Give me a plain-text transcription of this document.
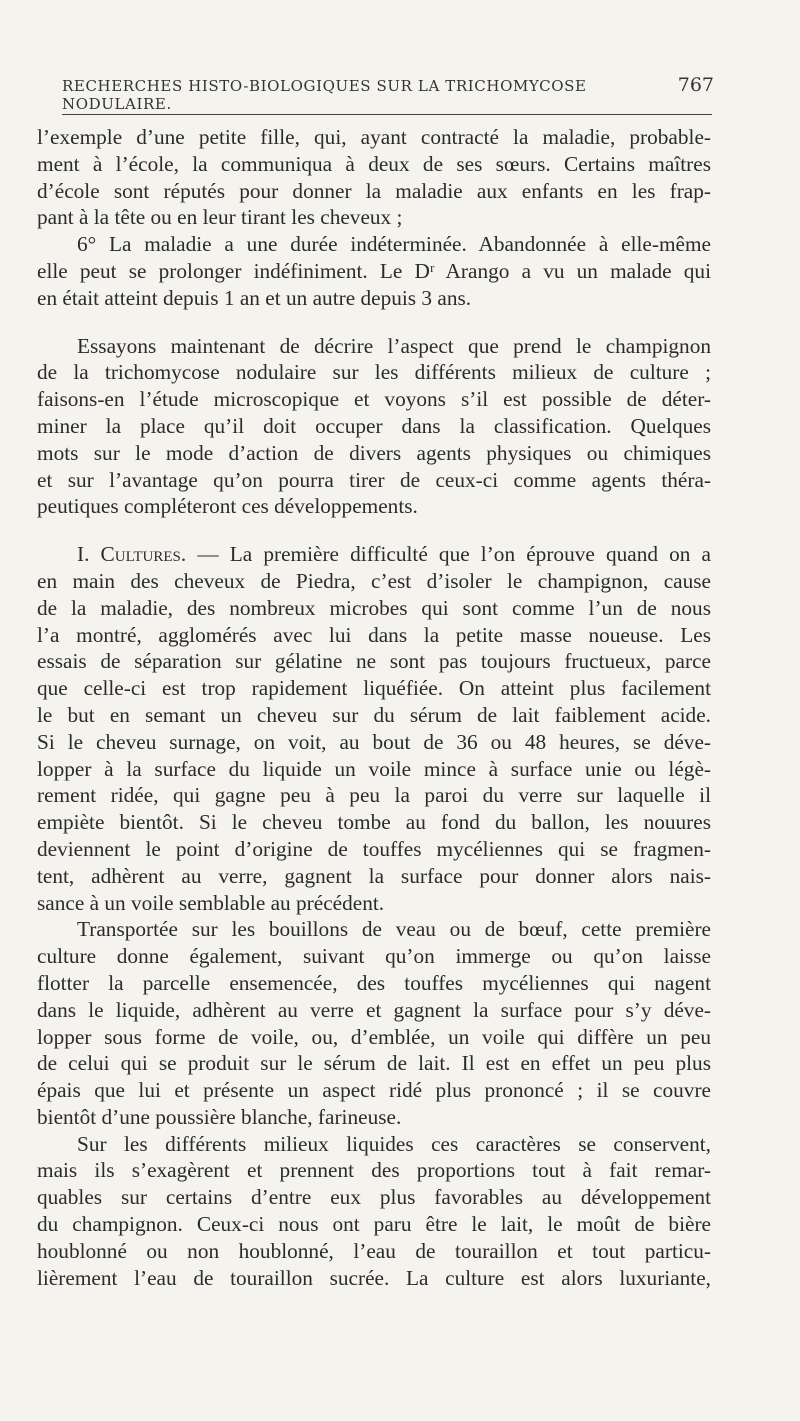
RECHERCHES HISTO-BIOLOGIQUES SUR LA TRICHOMYCOSE NODULAIRE.
767
l’exemple d’une petite fille, qui, ayant contracté la maladie, probable-
ment à l’école, la communiqua à deux de ses sœurs. Certains maîtres
d’école sont réputés pour donner la maladie aux enfants en les frap-
pant à la tête ou en leur tirant les cheveux ;
6° La maladie a une durée indéterminée. Abandonnée à elle-même
elle peut se prolonger indéfiniment. Le Dʳ Arango a vu un malade qui
en était atteint depuis 1 an et un autre depuis 3 ans.
Essayons maintenant de décrire l’aspect que prend le champignon
de la trichomycose nodulaire sur les différents milieux de culture ;
faisons-en l’étude microscopique et voyons s’il est possible de déter-
miner la place qu’il doit occuper dans la classification. Quelques
mots sur le mode d’action de divers agents physiques ou chimiques
et sur l’avantage qu’on pourra tirer de ceux-ci comme agents théra-
peutiques compléteront ces développements.
I. Cultures. — La première difficulté que l’on éprouve quand on a
en main des cheveux de Piedra, c’est d’isoler le champignon, cause
de la maladie, des nombreux microbes qui sont comme l’un de nous
l’a montré, agglomérés avec lui dans la petite masse noueuse. Les
essais de séparation sur gélatine ne sont pas toujours fructueux, parce
que celle-ci est trop rapidement liquéfiée. On atteint plus facilement
le but en semant un cheveu sur du sérum de lait faiblement acide.
Si le cheveu surnage, on voit, au bout de 36 ou 48 heures, se déve-
lopper à la surface du liquide un voile mince à surface unie ou légè-
rement ridée, qui gagne peu à peu la paroi du verre sur laquelle il
empiète bientôt. Si le cheveu tombe au fond du ballon, les nouures
deviennent le point d’origine de touffes mycéliennes qui se fragmen-
tent, adhèrent au verre, gagnent la surface pour donner alors nais-
sance à un voile semblable au précédent.
Transportée sur les bouillons de veau ou de bœuf, cette première
culture donne également, suivant qu’on immerge ou qu’on laisse
flotter la parcelle ensemencée, des touffes mycéliennes qui nagent
dans le liquide, adhèrent au verre et gagnent la surface pour s’y déve-
lopper sous forme de voile, ou, d’emblée, un voile qui diffère un peu
de celui qui se produit sur le sérum de lait. Il est en effet un peu plus
épais que lui et présente un aspect ridé plus prononcé ; il se couvre
bientôt d’une poussière blanche, farineuse.
Sur les différents milieux liquides ces caractères se conservent,
mais ils s’exagèrent et prennent des proportions tout à fait remar-
quables sur certains d’entre eux plus favorables au développement
du champignon. Ceux-ci nous ont paru être le lait, le moût de bière
houblonné ou non houblonné, l’eau de touraillon et tout particu-
lièrement l’eau de touraillon sucrée. La culture est alors luxuriante,
